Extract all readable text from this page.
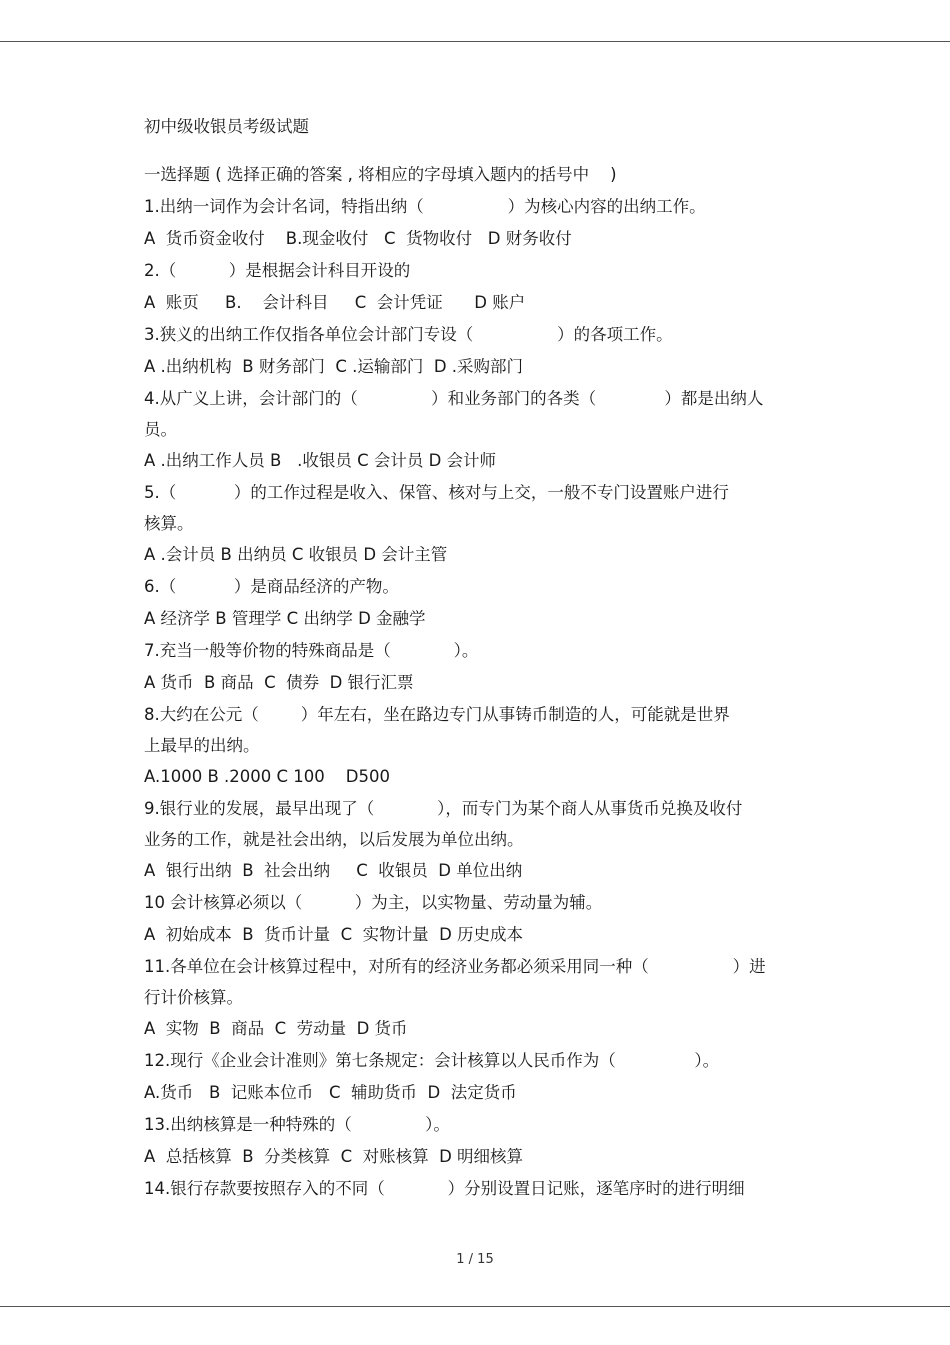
初中级收银员考级试题

一选择题 ( 选择正确的答案 , 将相应的字母填入题内的括号中    )

1.出纳一词作为会计名词，特指出纳（                ）为核心内容的出纳工作。

A  货币资金收付    B.现金收付   C  货物收付   D 财务收付

2.（          ）是根据会计科目开设的

A  账页     B.    会计科目     C  会计凭证      D 账户

3.狭义的出纳工作仅指各单位会计部门专设（                ）的各项工作。

A .出纳机构  B 财务部门  C .运输部门  D .采购部门

4.从广义上讲，会计部门的（              ）和业务部门的各类（             ）都是出纳人

员。

A .出纳工作人员 B   .收银员 C 会计员 D 会计师

5.（           ）的工作过程是收入、保管、核对与上交，一般不专门设置账户进行

核算。

A .会计员 B 出纳员 C 收银员 D 会计主管

6.（           ）是商品经济的产物。

A 经济学 B 管理学 C 出纳学 D 金融学

7.充当一般等价物的特殊商品是（            ）。

A 货币  B 商品  C  债券  D 银行汇票

8.大约在公元（        ）年左右，坐在路边专门从事铸币制造的人，可能就是世界

上最早的出纳。

A.1000 B .2000 C 100    D500

9.银行业的发展，最早出现了（            ），而专门为某个商人从事货币兑换及收付

业务的工作，就是社会出纳，以后发展为单位出纳。

A  银行出纳  B  社会出纳     C  收银员  D 单位出纳

10 会计核算必须以（          ）为主，以实物量、劳动量为辅。

A  初始成本  B  货币计量  C  实物计量  D 历史成本

11.各单位在会计核算过程中，对所有的经济业务都必须采用同一种（                ）进

行计价核算。

A  实物  B  商品  C  劳动量  D 货币

12.现行《企业会计准则》第七条规定：会计核算以人民币作为（               ）。

A.货币   B  记账本位币   C  辅助货币  D  法定货币

13.出纳核算是一种特殊的（              ）。

A  总括核算  B  分类核算  C  对账核算  D 明细核算

14.银行存款要按照存入的不同（            ）分别设置日记账，逐笔序时的进行明细

1 / 15
